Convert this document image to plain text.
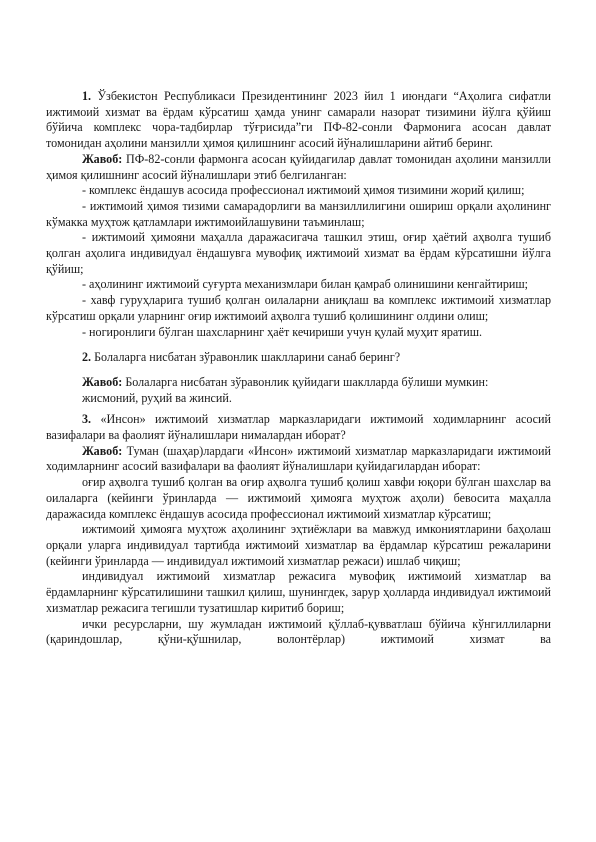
1. Ўзбекистон Республикаси Президентининг 2023 йил 1 июндаги “Аҳолига сифатли ижтимоий хизмат ва ёрдам кўрсатиш ҳамда унинг самарали назорат тизимини йўлга қўйиш бўйича комплекс чора-тадбирлар тўғрисида”ги ПФ-82-сонли Фармонига асосан давлат томонидан аҳолини манзилли ҳимоя қилишнинг асосий йўналишларини айтиб беринг.

Жавоб: ПФ-82-сонли фармонга асосан қуйидагилар давлат томонидан аҳолини манзилли ҳимоя қилишнинг асосий йўналишлари этиб белгиланган:

- комплекс ёндашув асосида профессионал ижтимоий ҳимоя тизимини жорий қилиш;

- ижтимоий ҳимоя тизими самарадорлиги ва манзиллилигини ошириш орқали аҳолининг кўмакка муҳтож қатламлари ижтимоийлашувини таъминлаш;

- ижтимоий ҳимояни маҳалла даражасигача ташкил этиш, оғир ҳаётий аҳволга тушиб қолган аҳолига индивидуал ёндашувга мувофиқ ижтимоий хизмат ва ёрдам кўрсатишни йўлга қўйиш;

- аҳолининг ижтимоий суғурта механизмлари билан қамраб олинишини кенгайтириш;

- хавф гуруҳларига тушиб қолган оилаларни аниқлаш ва комплекс ижтимоий хизматлар кўрсатиш орқали уларнинг оғир ижтимоий аҳволга тушиб қолишининг олдини олиш;

- ногиронлиги бўлган шахсларнинг ҳаёт кечириши учун қулай муҳит яратиш.

2. Болаларга нисбатан зўравонлик шаклларини санаб беринг?

Жавоб: Болаларга нисбатан зўравонлик қуйидаги шаклларда бўлиши мумкин: жисмоний, руҳий ва жинсий.

3. «Инсон» ижтимоий хизматлар марказларидаги ижтимоий ходимларнинг асосий вазифалари ва фаолият йўналишлари нималардан иборат?

Жавоб: Туман (шаҳар)лардаги «Инсон» ижтимоий хизматлар марказларидаги ижтимоий ходимларнинг асосий вазифалари ва фаолият йўналишлари қуйидагилардан иборат:

оғир аҳволга тушиб қолган ва оғир аҳволга тушиб қолиш хавфи юқори бўлган шахслар ва оилаларга (кейинги ўринларда — ижтимоий ҳимояга муҳтож аҳоли) бевосита маҳалла даражасида комплекс ёндашув асосида профессионал ижтимоий хизматлар кўрсатиш;

ижтимоий ҳимояга муҳтож аҳолининг эҳтиёжлари ва мавжуд имкониятларини баҳолаш орқали уларга индивидуал тартибда ижтимоий хизматлар ва ёрдамлар кўрсатиш режаларини (кейинги ўринларда — индивидуал ижтимоий хизматлар режаси) ишлаб чиқиш;

индивидуал ижтимоий хизматлар режасига мувофиқ ижтимоий хизматлар ва ёрдамларнинг кўрсатилишини ташкил қилиш, шунингдек, зарур ҳолларда индивидуал ижтимоий хизматлар режасига тегишли тузатишлар киритиб бориш;

ички ресурсларни, шу жумладан ижтимоий қўллаб-қувватлаш бўйича кўнгиллиларни (қариндошлар, қўни-қўшнилар, волонтёрлар) ижтимоий хизмат ва
